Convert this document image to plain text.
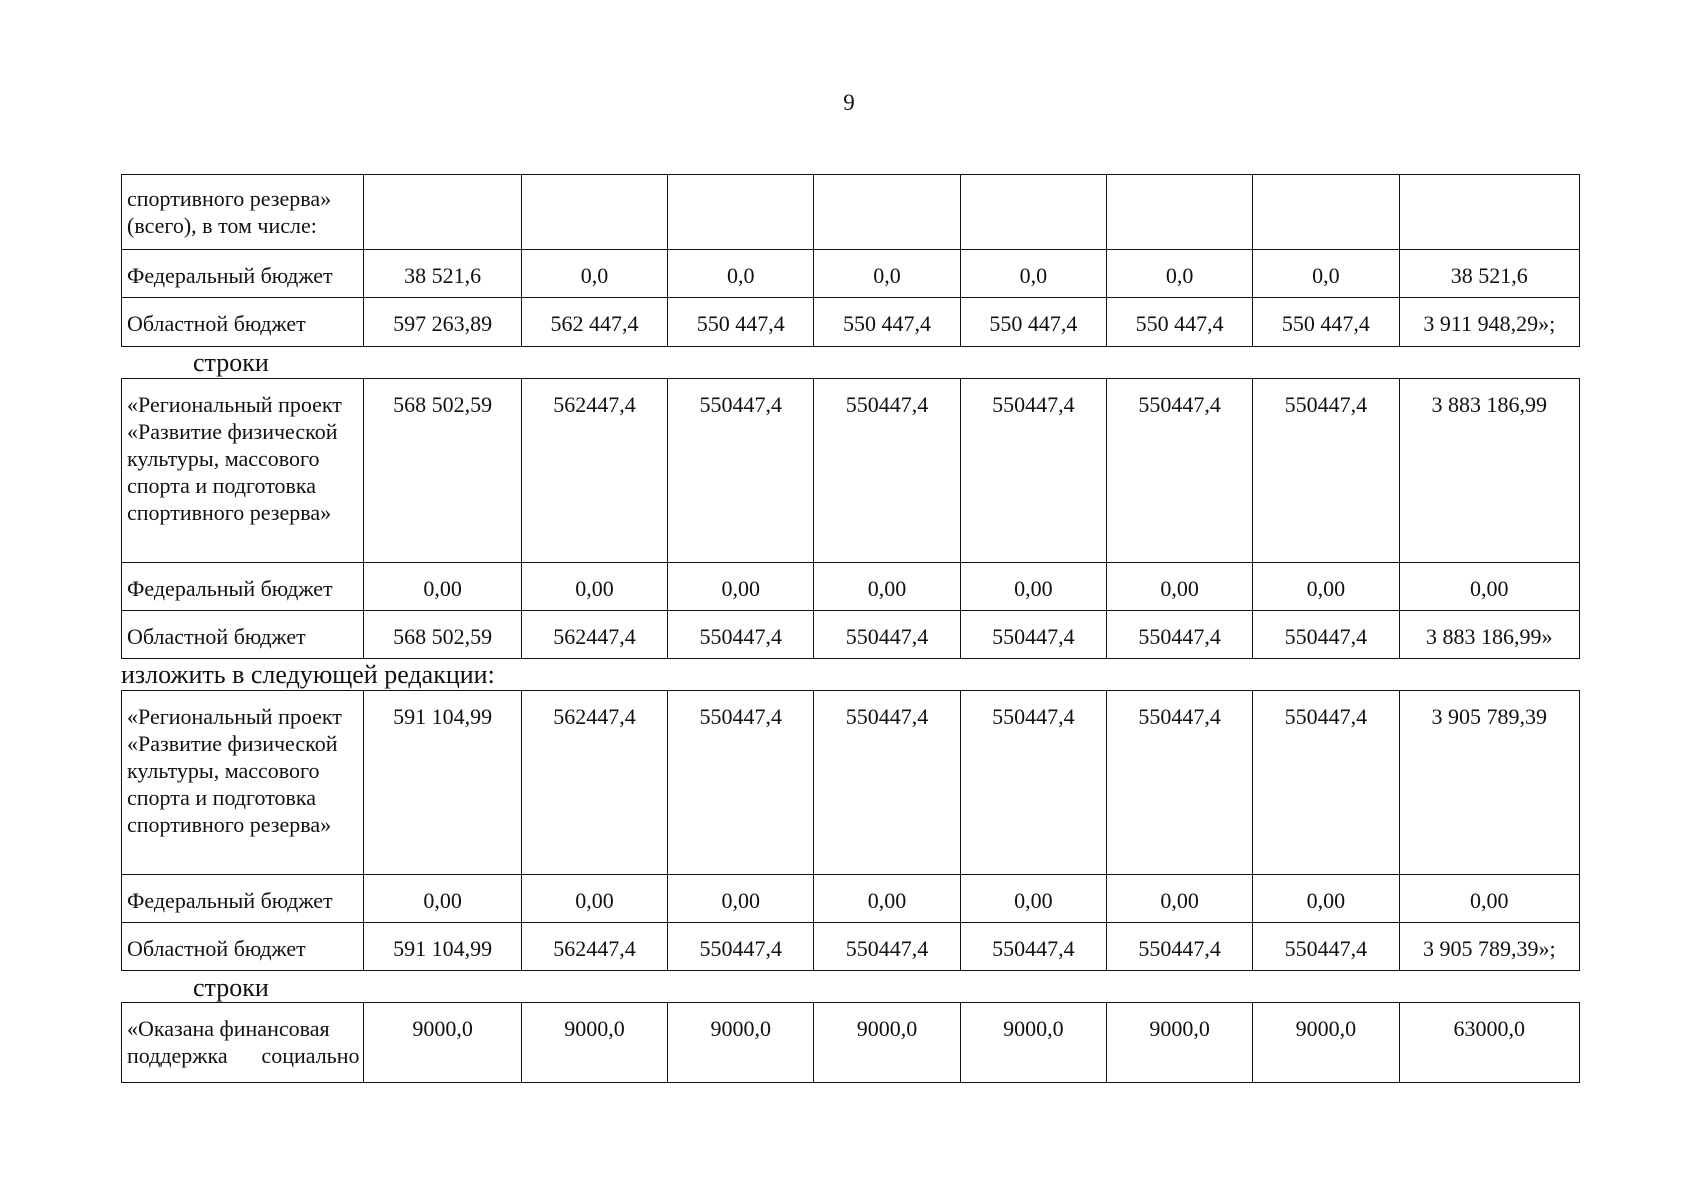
9
спортивного резерва» (всего), в том числе:								
Федеральный бюджет	38 521,6	0,0	0,0	0,0	0,0	0,0	0,0	38 521,6
Областной бюджет	597 263,89	562 447,4	550 447,4	550 447,4	550 447,4	550 447,4	550 447,4	3 911 948,29»;
строки
«Региональный проект «Развитие физической культуры, массового спорта и подготовка спортивного резерва»	568 502,59	562447,4	550447,4	550447,4	550447,4	550447,4	550447,4	3 883 186,99
Федеральный бюджет	0,00	0,00	0,00	0,00	0,00	0,00	0,00	0,00
Областной бюджет	568 502,59	562447,4	550447,4	550447,4	550447,4	550447,4	550447,4	3 883 186,99»
изложить в следующей редакции:
«Региональный проект «Развитие физической культуры, массового спорта и подготовка спортивного резерва»	591 104,99	562447,4	550447,4	550447,4	550447,4	550447,4	550447,4	3 905 789,39
Федеральный бюджет	0,00	0,00	0,00	0,00	0,00	0,00	0,00	0,00
Областной бюджет	591 104,99	562447,4	550447,4	550447,4	550447,4	550447,4	550447,4	3 905 789,39»;
строки
«Оказана финансовая поддержка социально	9000,0	9000,0	9000,0	9000,0	9000,0	9000,0	9000,0	63000,0
